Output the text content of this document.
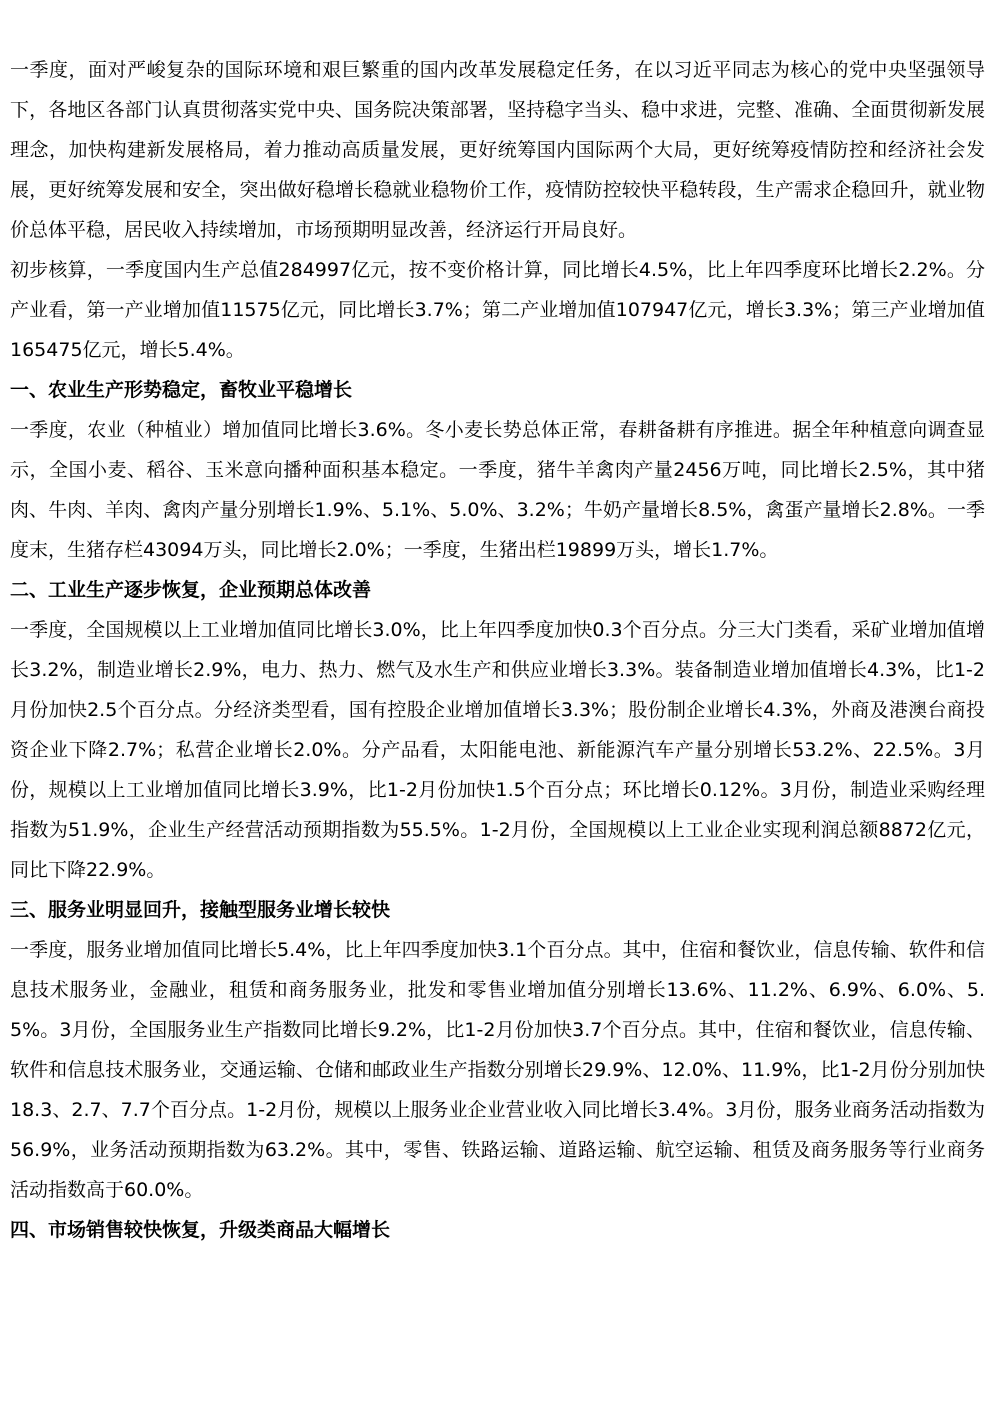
一季度，面对严峻复杂的国际环境和艰巨繁重的国内改革发展稳定任务，在以习近平同志为核心的党中央坚强领导下，各地区各部门认真贯彻落实党中央、国务院决策部署，坚持稳字当头、稳中求进，完整、准确、全面贯彻新发展理念，加快构建新发展格局，着力推动高质量发展，更好统筹国内国际两个大局，更好统筹疫情防控和经济社会发展，更好统筹发展和安全，突出做好稳增长稳就业稳物价工作，疫情防控较快平稳转段，生产需求企稳回升，就业物价总体平稳，居民收入持续增加，市场预期明显改善，经济运行开局良好。

初步核算，一季度国内生产总值284997亿元，按不变价格计算，同比增长4.5%，比上年四季度环比增长2.2%。分产业看，第一产业增加值11575亿元，同比增长3.7%；第二产业增加值107947亿元，增长3.3%；第三产业增加值165475亿元，增长5.4%。

一、农业生产形势稳定，畜牧业平稳增长

一季度，农业（种植业）增加值同比增长3.6%。冬小麦长势总体正常，春耕备耕有序推进。据全年种植意向调查显示，全国小麦、稻谷、玉米意向播种面积基本稳定。一季度，猪牛羊禽肉产量2456万吨，同比增长2.5%，其中猪肉、牛肉、羊肉、禽肉产量分别增长1.9%、5.1%、5.0%、3.2%；牛奶产量增长8.5%，禽蛋产量增长2.8%。一季度末，生猪存栏43094万头，同比增长2.0%；一季度，生猪出栏19899万头，增长1.7%。

二、工业生产逐步恢复，企业预期总体改善

一季度，全国规模以上工业增加值同比增长3.0%，比上年四季度加快0.3个百分点。分三大门类看，采矿业增加值增长3.2%，制造业增长2.9%，电力、热力、燃气及水生产和供应业增长3.3%。装备制造业增加值增长4.3%，比1-2月份加快2.5个百分点。分经济类型看，国有控股企业增加值增长3.3%；股份制企业增长4.3%，外商及港澳台商投资企业下降2.7%；私营企业增长2.0%。分产品看，太阳能电池、新能源汽车产量分别增长53.2%、22.5%。3月份，规模以上工业增加值同比增长3.9%，比1-2月份加快1.5个百分点；环比增长0.12%。3月份，制造业采购经理指数为51.9%，企业生产经营活动预期指数为55.5%。1-2月份，全国规模以上工业企业实现利润总额8872亿元，同比下降22.9%。

三、服务业明显回升，接触型服务业增长较快

一季度，服务业增加值同比增长5.4%，比上年四季度加快3.1个百分点。其中，住宿和餐饮业，信息传输、软件和信息技术服务业，金融业，租赁和商务服务业，批发和零售业增加值分别增长13.6%、11.2%、6.9%、6.0%、5.5%。3月份，全国服务业生产指数同比增长9.2%，比1-2月份加快3.7个百分点。其中，住宿和餐饮业，信息传输、软件和信息技术服务业，交通运输、仓储和邮政业生产指数分别增长29.9%、12.0%、11.9%，比1-2月份分别加快18.3、2.7、7.7个百分点。1-2月份，规模以上服务业企业营业收入同比增长3.4%。3月份，服务业商务活动指数为56.9%，业务活动预期指数为63.2%。其中，零售、铁路运输、道路运输、航空运输、租赁及商务服务等行业商务活动指数高于60.0%。

四、市场销售较快恢复，升级类商品大幅增长
